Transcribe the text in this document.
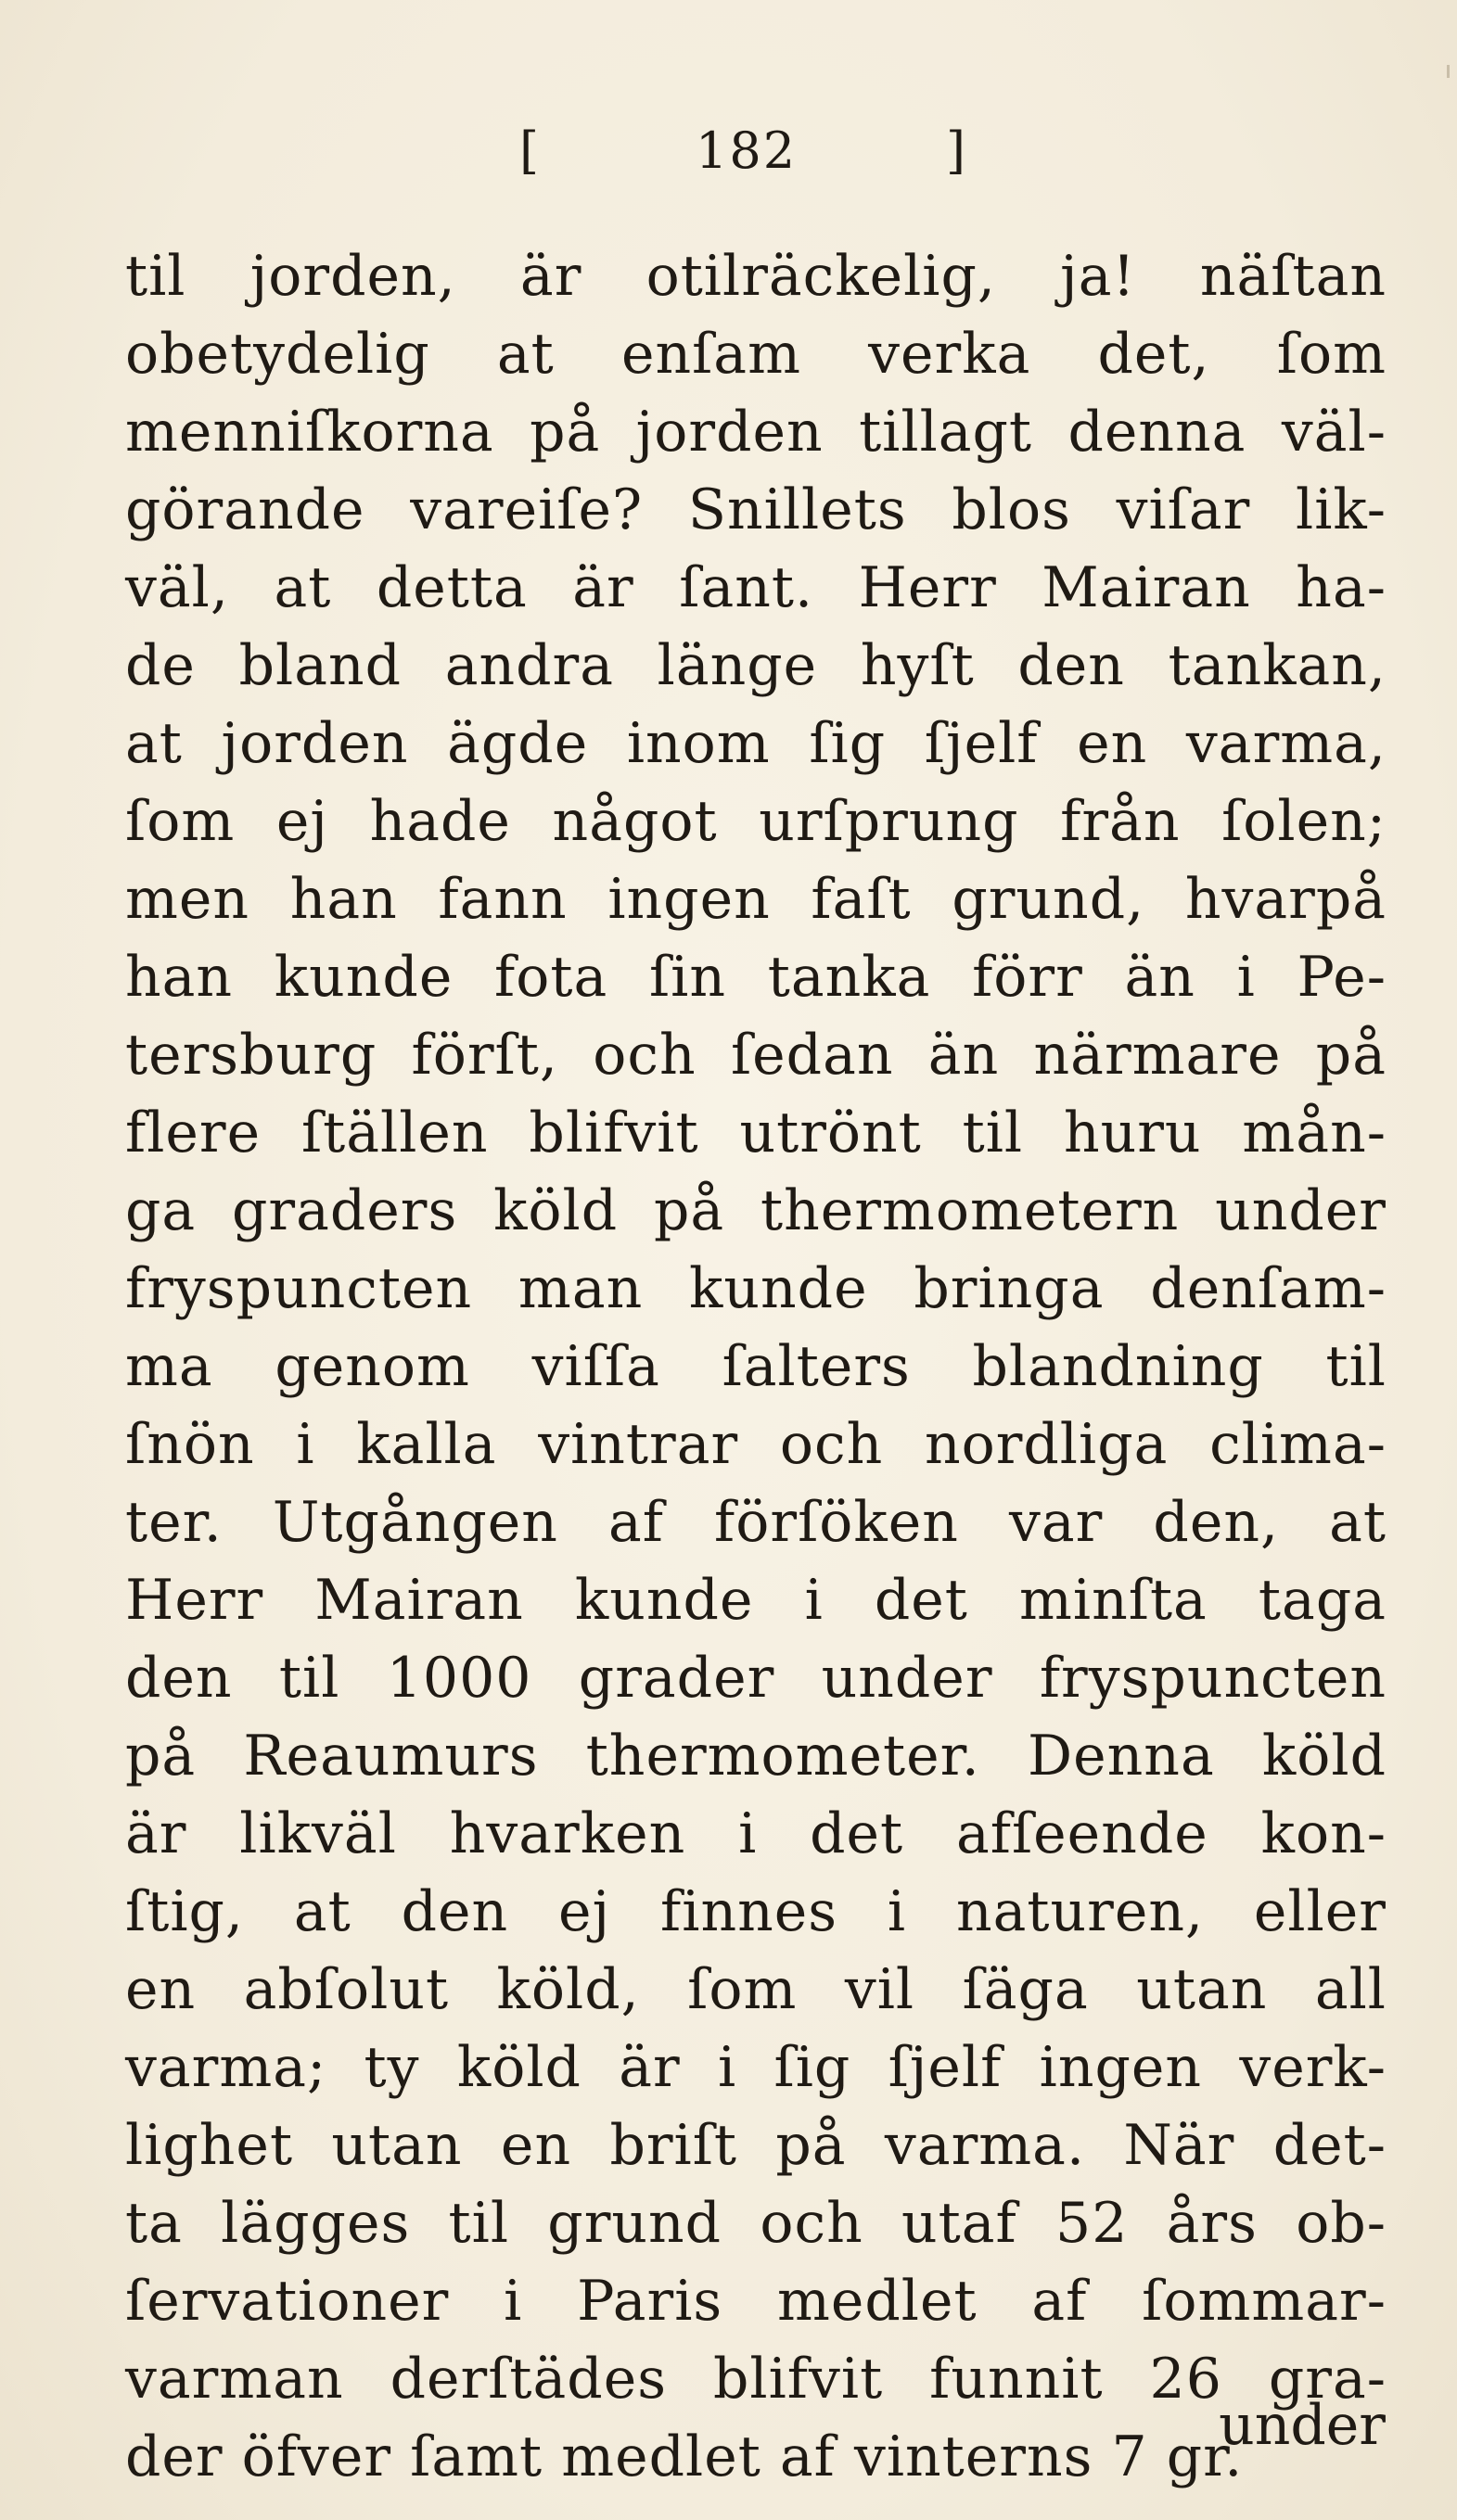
[	182	]
til jorden, är otilräckelig, ja! näſtan
obetydelig at enſam verka det, ſom
menniſkorna på jorden tillagt denna väl-
görande vareiſe? Snillets blos viſar lik-
väl, at detta är ſant. Herr Mairan ha-
de bland andra länge hyſt den tankan,
at jorden ägde inom ſig ſjelf en varma,
ſom ej hade något urſprung från ſolen;
men han fann ingen faſt grund, hvarpå
han kunde fota ſin tanka förr än i Pe-
tersburg förſt, och ſedan än närmare på
flere ſtällen blifvit utrönt til huru mån-
ga graders köld på thermometern under
fryspuncten man kunde bringa denſam-
ma genom viſſa ſalters blandning til
ſnön i kalla vintrar och nordliga clima-
ter. Utgången af förſöken var den, at
Herr Mairan kunde i det minſta taga
den til 1000 grader under fryspuncten
på Reaumurs thermometer. Denna köld
är likväl hvarken i det afſeende kon-
ſtig, at den ej finnes i naturen, eller
en abſolut köld, ſom vil ſäga utan all
varma; ty köld är i ſig ſjelf ingen verk-
lighet utan en briſt på varma. När det-
ta lägges til grund och utaf 52 års ob-
ſervationer i Paris medlet af ſommar-
varman derſtädes blifvit funnit 26 gra-
der öfver ſamt medlet af vinterns 7 gr.
under
